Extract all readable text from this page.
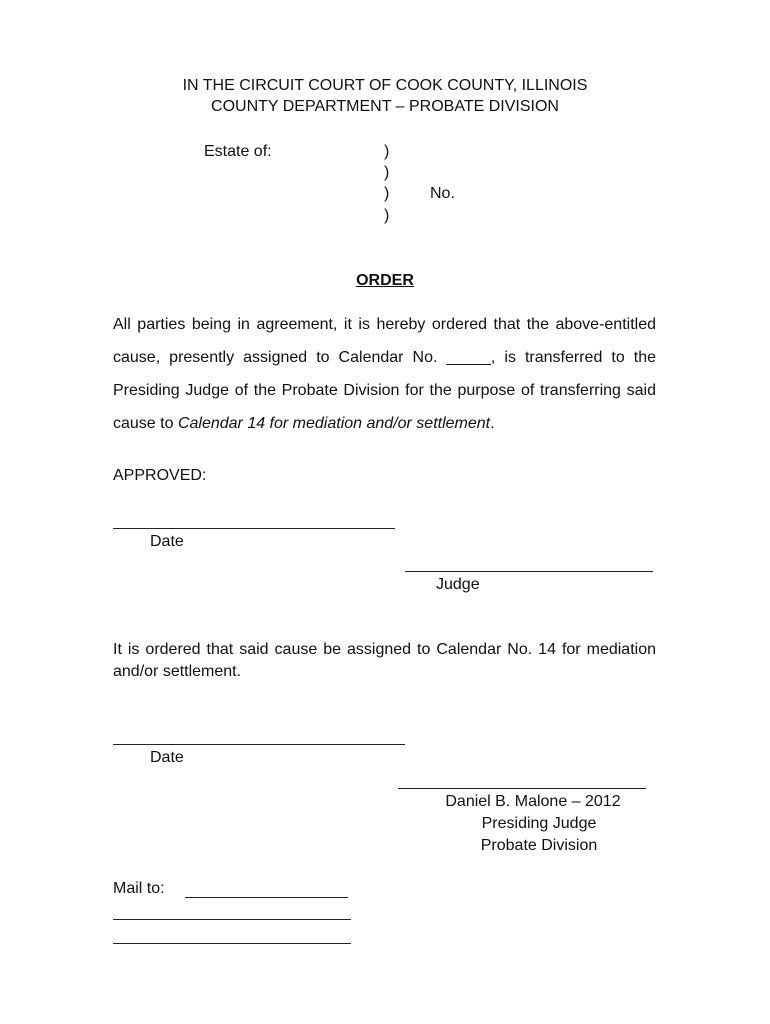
IN THE CIRCUIT COURT OF COOK COUNTY, ILLINOIS
COUNTY DEPARTMENT – PROBATE DIVISION
Estate of:	)
)
)	No.
)
ORDER
All parties being in agreement, it is hereby ordered that the above-entitled cause, presently assigned to Calendar No. _____, is transferred to the Presiding Judge of the Probate Division for the purpose of transferring said cause to Calendar 14 for mediation and/or settlement.
APPROVED:
Date
Judge
It is ordered that said cause be assigned to Calendar No. 14 for mediation and/or settlement.
Date
Daniel B. Malone – 2012
Presiding Judge
Probate Division
Mail to:
